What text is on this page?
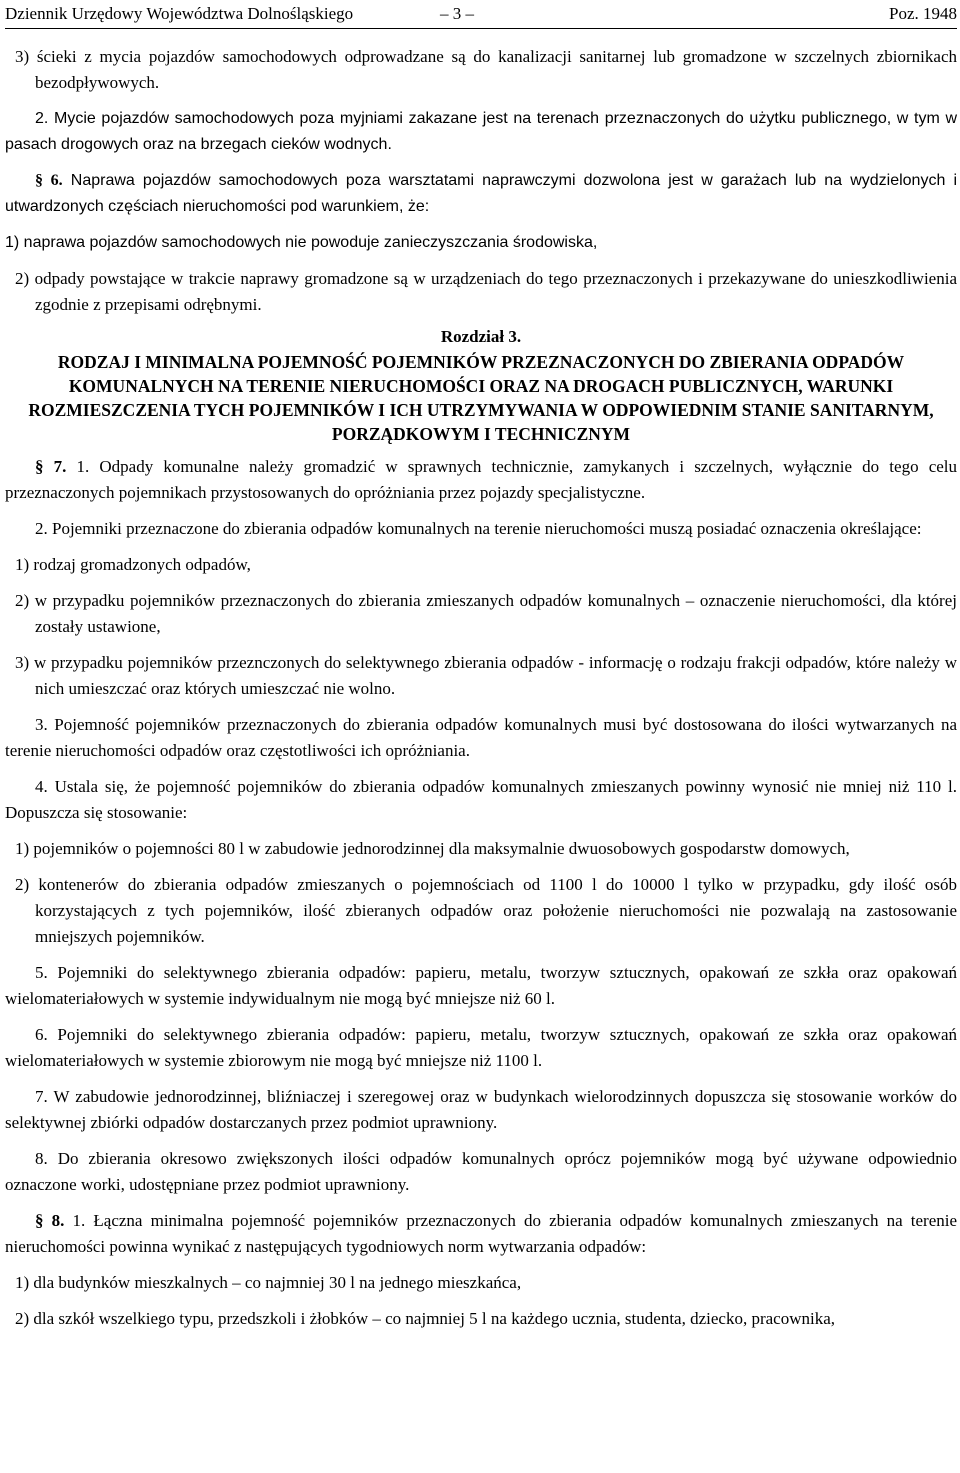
Dziennik Urzędowy Województwa Dolnośląskiego	– 3 –	Poz. 1948

3) ścieki z mycia pojazdów samochodowych odprowadzane są do kanalizacji sanitarnej lub gromadzone w szczelnych zbiornikach bezodpływowych.

2. Mycie pojazdów samochodowych poza myjniami zakazane jest na terenach przeznaczonych do użytku publicznego, w tym w pasach drogowych oraz na brzegach cieków wodnych.

§ 6. Naprawa pojazdów samochodowych poza warsztatami naprawczymi dozwolona jest w garażach lub na wydzielonych i utwardzonych częściach nieruchomości pod warunkiem, że:

1) naprawa pojazdów samochodowych nie powoduje zanieczyszczania środowiska,

2) odpady powstające w trakcie naprawy gromadzone są w urządzeniach do tego przeznaczonych i przekazywane do unieszkodliwienia zgodnie z przepisami odrębnymi.

Rozdział 3.

RODZAJ I MINIMALNA POJEMNOŚĆ POJEMNIKÓW PRZEZNACZONYCH DO ZBIERANIA ODPADÓW KOMUNALNYCH NA TERENIE NIERUCHOMOŚCI ORAZ NA DROGACH PUBLICZNYCH, WARUNKI ROZMIESZCZENIA TYCH POJEMNIKÓW I ICH UTRZYMYWANIA W ODPOWIEDNIM STANIE SANITARNYM, PORZĄDKOWYM I TECHNICZNYM

§ 7. 1. Odpady komunalne należy gromadzić w sprawnych technicznie, zamykanych i szczelnych, wyłącznie do tego celu przeznaczonych pojemnikach przystosowanych do opróżniania przez pojazdy specjalistyczne.

2. Pojemniki przeznaczone do zbierania odpadów komunalnych na terenie nieruchomości muszą posiadać oznaczenia określające:

1) rodzaj gromadzonych odpadów,

2) w przypadku pojemników przeznaczonych do zbierania zmieszanych odpadów komunalnych – oznaczenie nieruchomości, dla której zostały ustawione,

3) w przypadku pojemników przeznczonych do selektywnego zbierania odpadów - informację o rodzaju frakcji odpadów, które należy w nich umieszczać oraz których umieszczać nie wolno.

3. Pojemność pojemników przeznaczonych do zbierania odpadów komunalnych musi być dostosowana do ilości wytwarzanych na terenie nieruchomości odpadów oraz częstotliwości ich opróżniania.

4. Ustala się, że pojemność pojemników do zbierania odpadów komunalnych zmieszanych powinny wynosić nie mniej niż 110 l. Dopuszcza się stosowanie:

1) pojemników o pojemności 80 l w zabudowie jednorodzinnej dla maksymalnie dwuosobowych gospodarstw domowych,

2) kontenerów do zbierania odpadów zmieszanych o pojemnościach od 1100 l do 10000 l tylko w przypadku, gdy ilość osób korzystających z tych pojemników, ilość zbieranych odpadów oraz położenie nieruchomości nie pozwalają na zastosowanie mniejszych pojemników.

5. Pojemniki do selektywnego zbierania odpadów: papieru, metalu, tworzyw sztucznych, opakowań ze szkła oraz opakowań wielomateriałowych w systemie indywidualnym nie mogą być mniejsze niż 60 l.

6. Pojemniki do selektywnego zbierania odpadów: papieru, metalu, tworzyw sztucznych, opakowań ze szkła oraz opakowań wielomateriałowych w systemie zbiorowym nie mogą być mniejsze niż 1100 l.

7. W zabudowie jednorodzinnej, bliźniaczej i szeregowej oraz w budynkach wielorodzinnych dopuszcza się stosowanie worków do selektywnej zbiórki odpadów dostarczanych przez podmiot uprawniony.

8. Do zbierania okresowo zwiększonych ilości odpadów komunalnych oprócz pojemników mogą być używane odpowiednio oznaczone worki, udostępniane przez podmiot uprawniony.

§ 8. 1. Łączna minimalna pojemność pojemników przeznaczonych do zbierania odpadów komunalnych zmieszanych na terenie nieruchomości powinna wynikać z następujących tygodniowych norm wytwarzania odpadów:

1) dla budynków mieszkalnych – co najmniej 30 l na jednego mieszkańca,

2) dla szkół wszelkiego typu, przedszkoli i żłobków – co najmniej 5 l na każdego ucznia, studenta, dziecko, pracownika,
